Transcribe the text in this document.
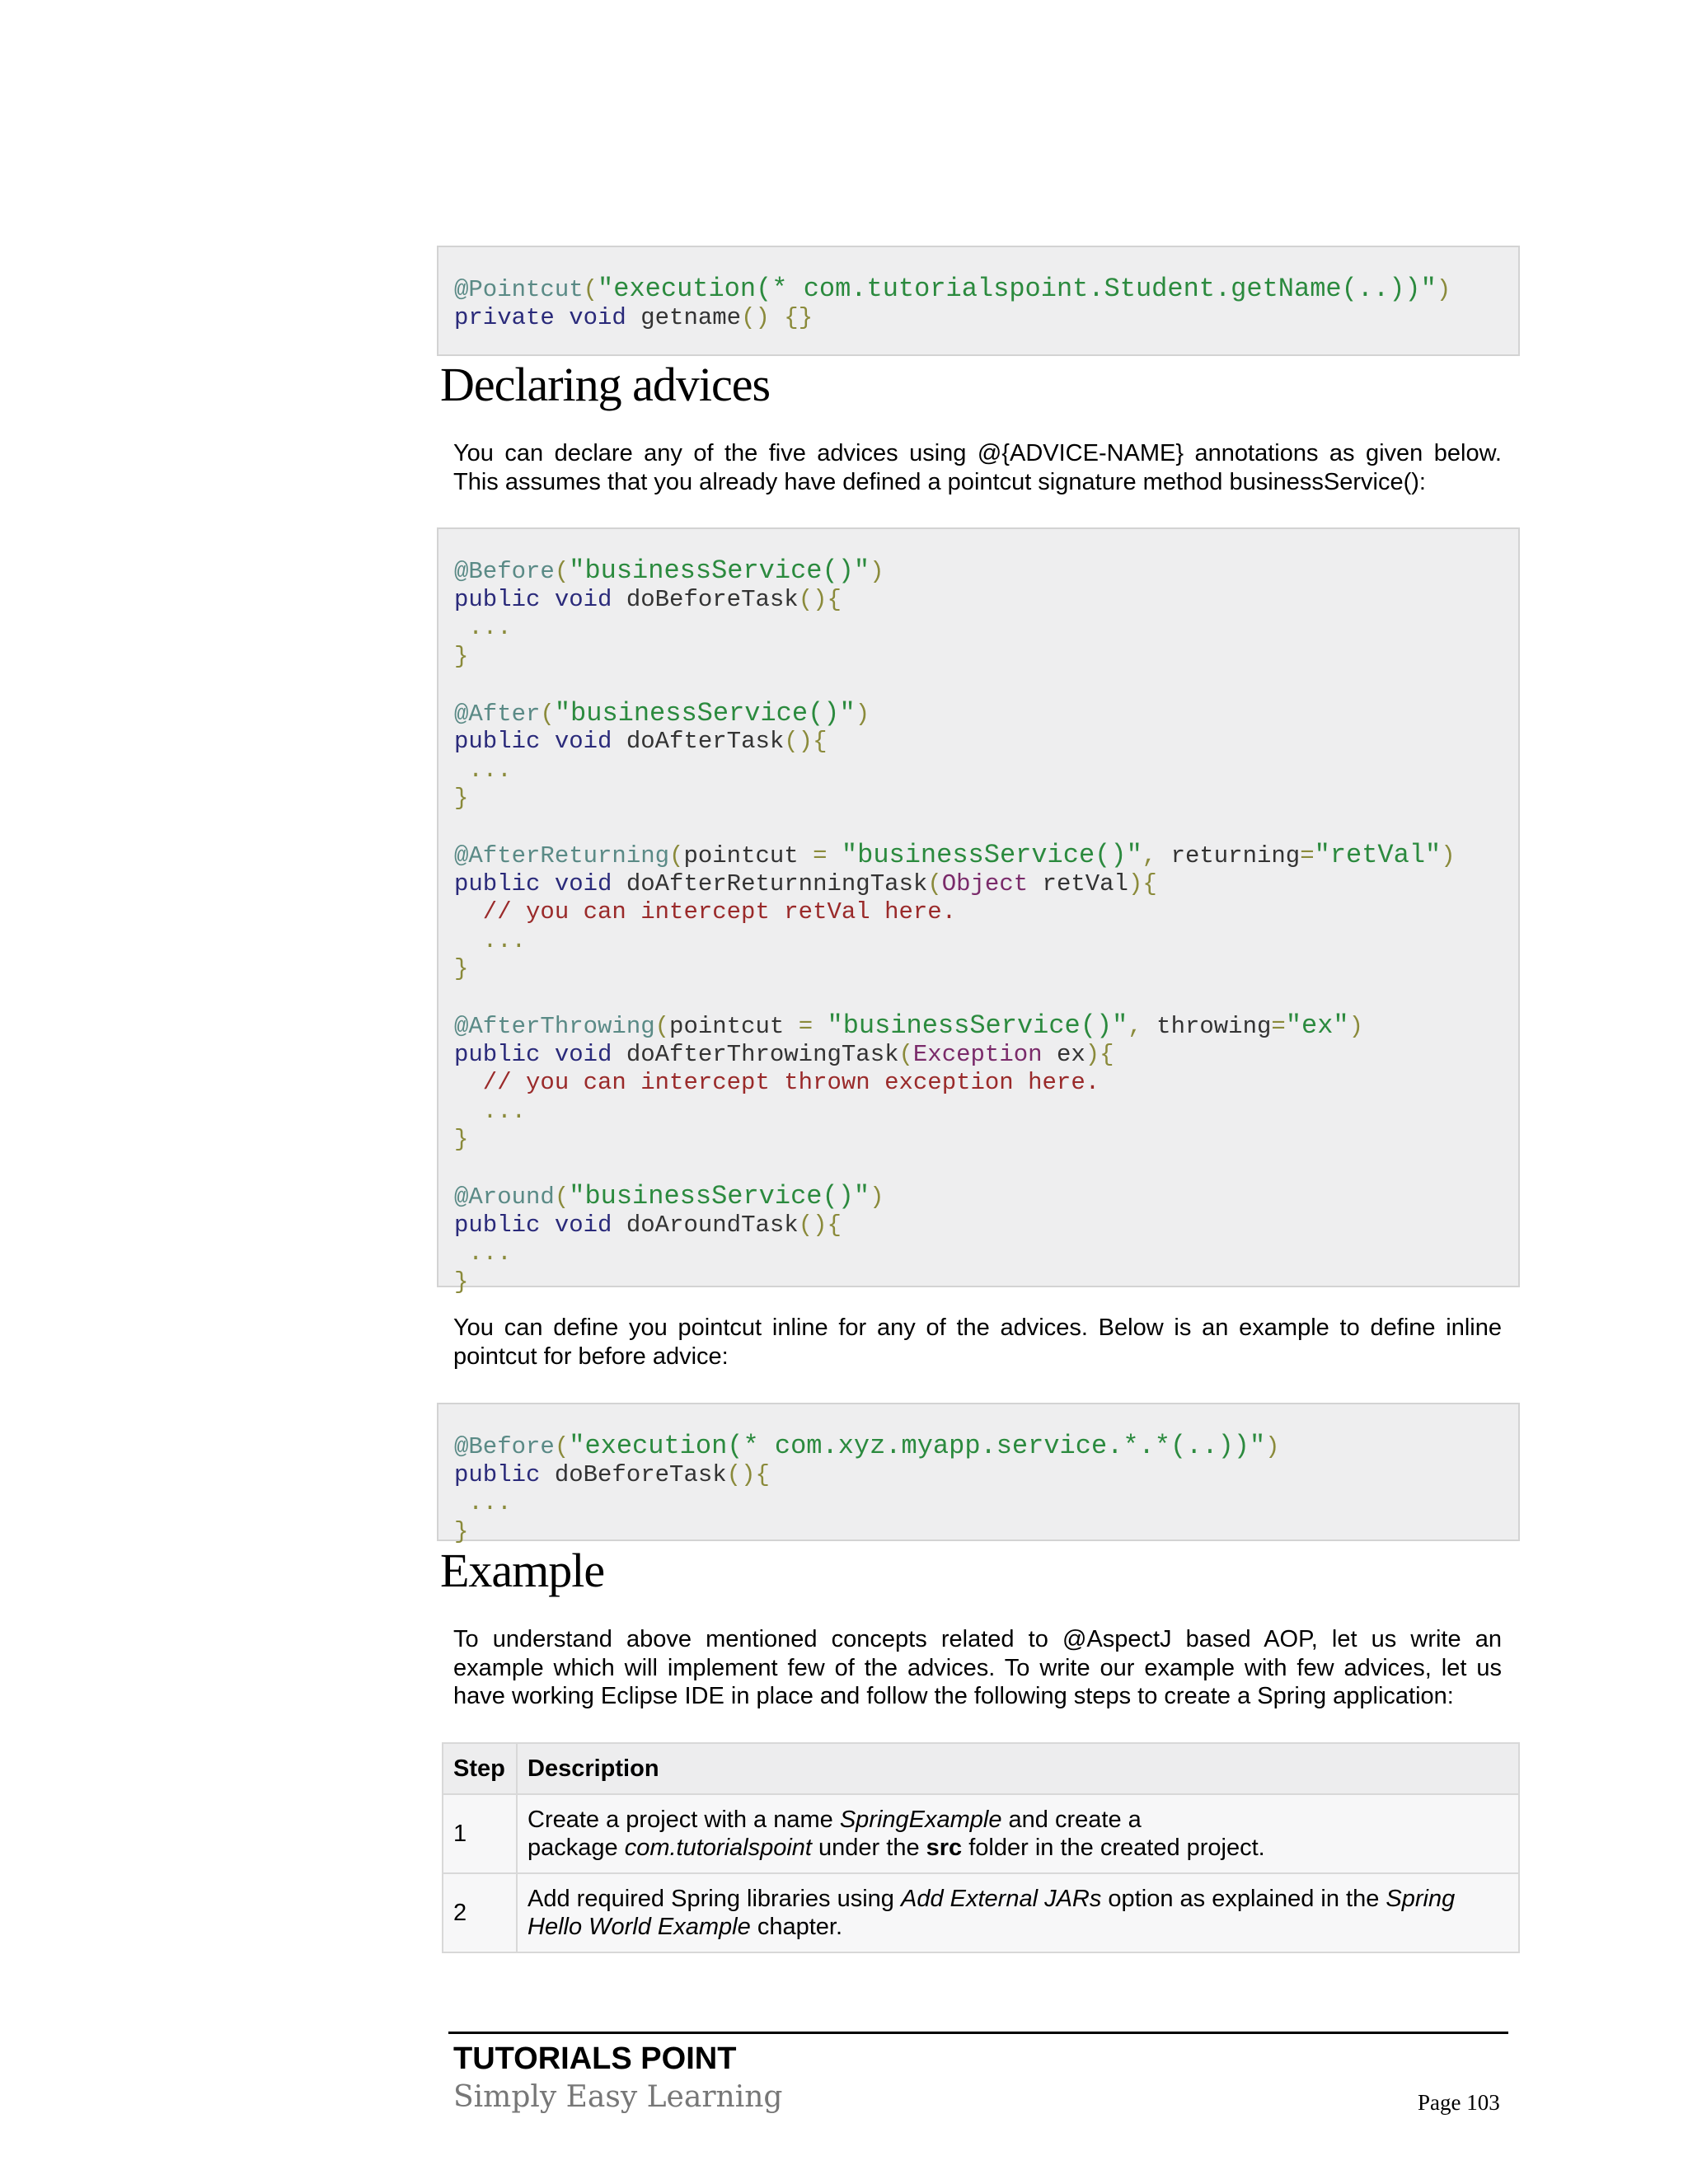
@Pointcut("execution(* com.tutorialspoint.Student.getName(..))")
private void getname() {}
Declaring advices

You can declare any of the five advices using @{ADVICE-NAME} annotations as given below.
This assumes that you already have defined a pointcut signature method businessService():

@Before("businessService()")
public void doBeforeTask(){
...
}

@After("businessService()")
public void doAfterTask(){
...
}

@AfterReturning(pointcut = "businessService()", returning="retVal")
public void doAfterReturnningTask(Object retVal){
// you can intercept retVal here.
...
}

@AfterThrowing(pointcut = "businessService()", throwing="ex")
public void doAfterThrowingTask(Exception ex){
// you can intercept thrown exception here.
...
}

@Around("businessService()")
public void doAroundTask(){
...
}

You can define you pointcut inline for any of the advices. Below is an example to define inline
pointcut for before advice:

@Before("execution(* com.xyz.myapp.service.*.*(..))")
public doBeforeTask(){
...
}
Example

To understand above mentioned concepts related to @AspectJ based AOP, let us write an
example which will implement few of the advices. To write our example with few advices, let us
have working Eclipse IDE in place and follow the following steps to create a Spring application:

Step	Description
1	Create a project with a name SpringExample and create a
package com.tutorialspoint under the src folder in the created project.
2	Add required Spring libraries using Add External JARs option as explained in the Spring
Hello World Example chapter.

TUTORIALS POINT

Simply Easy Learning	Page 103
